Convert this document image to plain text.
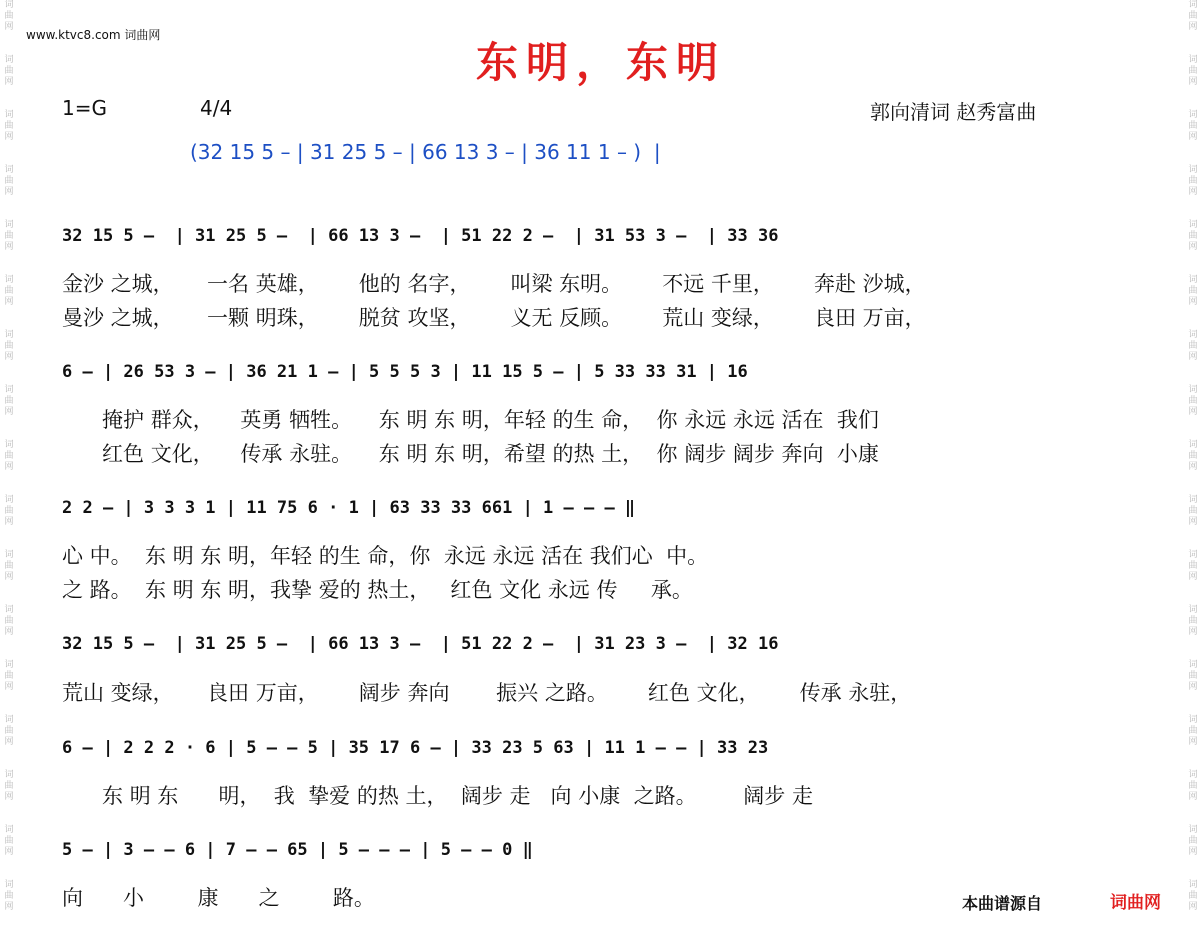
词
曲
网

词
曲
网

词
曲
网

词
曲
网

词
曲
网

词
曲
网

词
曲
网

词
曲
网

词
曲
网

词
曲
网

词
曲
网

词
曲
网

词
曲
网

词
曲
网

词
曲
网

词
曲
网

词
曲
网
词
曲
网

词
曲
网

词
曲
网

词
曲
网

词
曲
网

词
曲
网

词
曲
网

词
曲
网

词
曲
网

词
曲
网

词
曲
网

词
曲
网

词
曲
网

词
曲
网

词
曲
网

词
曲
网

词
曲
网
www.ktvc8.com 词曲网
东明，东明
1=G	4/4	郭向清词 赵秀富曲
(32 15 5 – | 31 25 5 – | 66 13 3 – | 36 11 1 – )  |
32 15 5 –  | 31 25 5 –  | 66 13 3 –  | 51 22 2 –  | 31 53 3 –  | 33 36
金沙 之城，     一名 英雄，      他的 名字，      叫梁 东明。      不远 千里，      奔赴 沙城，
曼沙 之城，     一颗 明珠，      脱贫 攻坚，      义无 反顾。      荒山 变绿，      良田 万亩，
6 – | 26 53 3 – | 36 21 1 – | 5 5 5 3 | 11 15 5 – | 5 33 33 31 | 16
掩护 群众，    英勇 牺牲。    东 明 东 明，年轻 的生 命，  你 永远 永远 活在  我们
红色 文化，    传承 永驻。    东 明 东 明，希望 的热 土，  你 阔步 阔步 奔向  小康
2 2 – | 3 3 3 1 | 11 75 6 · 1 | 63 33 33 661 | 1 – – – ‖
心 中。  东 明 东 明，年轻 的生 命，你  永远 永远 活在 我们心  中。
之 路。  东 明 东 明，我挚 爱的 热土，   红色 文化 永远 传     承。
32 15 5 –  | 31 25 5 –  | 66 13 3 –  | 51 22 2 –  | 31 23 3 –  | 32 16
荒山 变绿，     良田 万亩，      阔步 奔向       振兴 之路。      红色 文化，      传承 永驻，
6 – | 2 2 2 · 6 | 5 – – 5 | 35 17 6 – | 33 23 5 63 | 11 1 – – | 33 23
东 明 东      明，  我  挚爱 的热 土，  阔步 走   向 小康  之路。       阔步 走
5 – | 3 – – 6 | 7 – – 65 | 5 – – – | 5 – – 0 ‖
向      小        康      之        路。	本曲谱源自	词曲网
